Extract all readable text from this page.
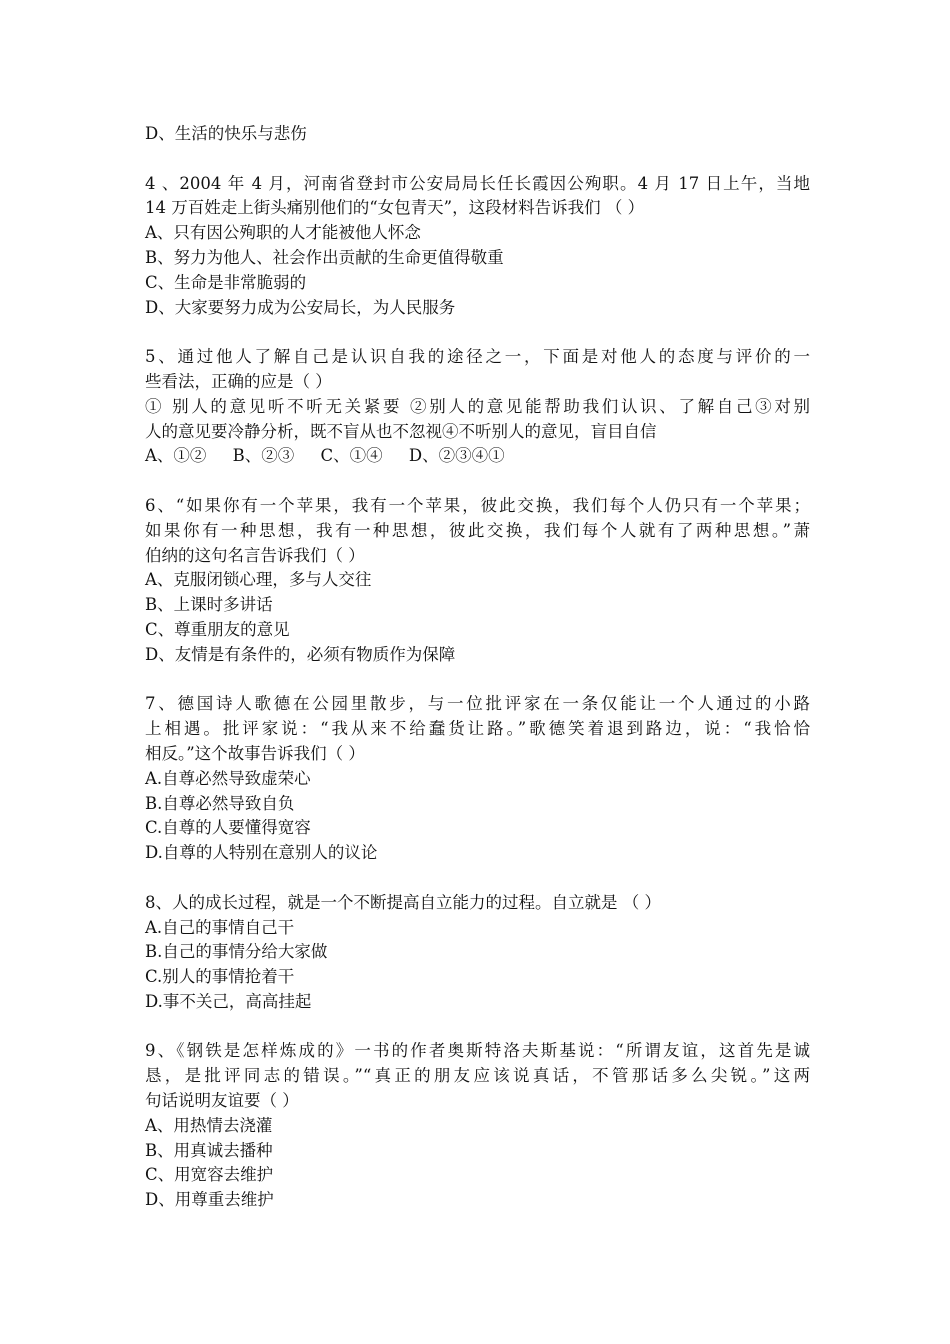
D、生活的快乐与悲伤
4 、2004 年 4 月，河南省登封市公安局局长任长霞因公殉职。4 月 17 日上午，当地
14 万百姓走上街头痛别他们的“女包青天”，这段材料告诉我们 （ ）
A、只有因公殉职的人才能被他人怀念
B、努力为他人、社会作出贡献的生命更值得敬重
C、生命是非常脆弱的
D、大家要努力成为公安局长，为人民服务
5、通过他人了解自己是认识自我的途径之一，下面是对他人的态度与评价的一
些看法，正确的应是（ ）
① 别人的意见听不听无关紧要 ②别人的意见能帮助我们认识、了解自己③对别
人的意见要冷静分析，既不盲从也不忽视④不听别人的意见，盲目自信
A、①②     B、②③     C、①④     D、②③④①
6、“如果你有一个苹果，我有一个苹果，彼此交换，我们每个人仍只有一个苹果；
如果你有一种思想，我有一种思想，彼此交换，我们每个人就有了两种思想。”萧
伯纳的这句名言告诉我们（ ）
A、克服闭锁心理，多与人交往
B、上课时多讲话
C、尊重朋友的意见
D、友情是有条件的，必须有物质作为保障
7、德国诗人歌德在公园里散步，与一位批评家在一条仅能让一个人通过的小路
上相遇。批评家说：“我从来不给蠢货让路。”歌德笑着退到路边，说：“我恰恰
相反。”这个故事告诉我们（ ）
A.自尊必然导致虚荣心
B.自尊必然导致自负
C.自尊的人要懂得宽容
D.自尊的人特别在意别人的议论
8、人的成长过程，就是一个不断提高自立能力的过程。自立就是 （ ）
A.自己的事情自己干
B.自己的事情分给大家做
C.别人的事情抢着干
D.事不关己，高高挂起
9、《钢铁是怎样炼成的》一书的作者奥斯特洛夫斯基说：“所谓友谊，这首先是诚
恳，是批评同志的错误。”“真正的朋友应该说真话，不管那话多么尖锐。”这两
句话说明友谊要（ ）
A、用热情去浇灌
B、用真诚去播种
C、用宽容去维护
D、用尊重去维护
